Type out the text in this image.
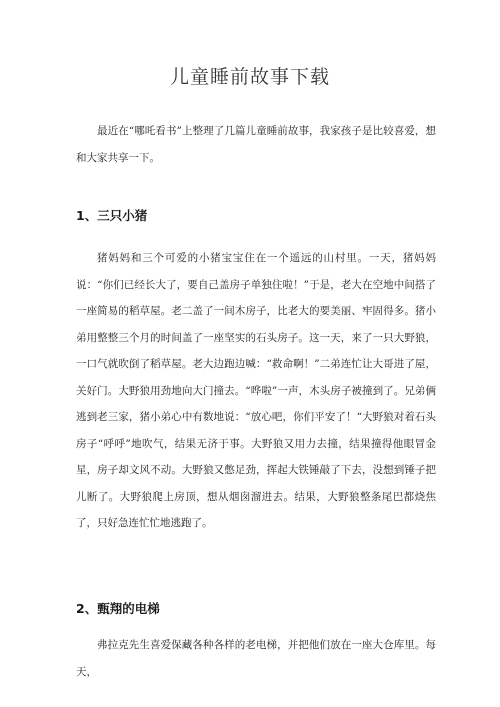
儿童睡前故事下载

最近在“哪吒看书”上整理了几篇儿童睡前故事，我家孩子是比较喜爱，想和大家共享一下。

1、三只小猪

猪妈妈和三个可爱的小猪宝宝住在一个遥远的山村里。一天，猪妈妈说：“你们已经长大了，要自己盖房子单独住啦！”于是，老大在空地中间搭了一座简易的稻草屋。老二盖了一间木房子，比老大的要美丽、牢固得多。猪小弟用整整三个月的时间盖了一座坚实的石头房子。这一天，来了一只大野狼，一口气就吹倒了稻草屋。老大边跑边喊：“救命啊！”二弟连忙让大哥进了屋，关好门。大野狼用劲地向大门撞去。“哗啦”一声，木头房子被撞到了。兄弟俩逃到老三家，猪小弟心中有数地说：“放心吧，你们平安了！“大野狼对着石头房子“呼呼”地吹气，结果无济于事。大野狼又用力去撞，结果撞得他眼冒金星，房子却文风不动。大野狼又憋足劲，挥起大铁锤敲了下去，没想到锤子把儿断了。大野狼爬上房顶，想从烟囱溜进去。结果，大野狼整条尾巴都烧焦了，只好急连忙忙地逃跑了。

2、甄翔的电梯

弗拉克先生喜爱保藏各种各样的老电梯，并把他们放在一座大仓库里。每天，
